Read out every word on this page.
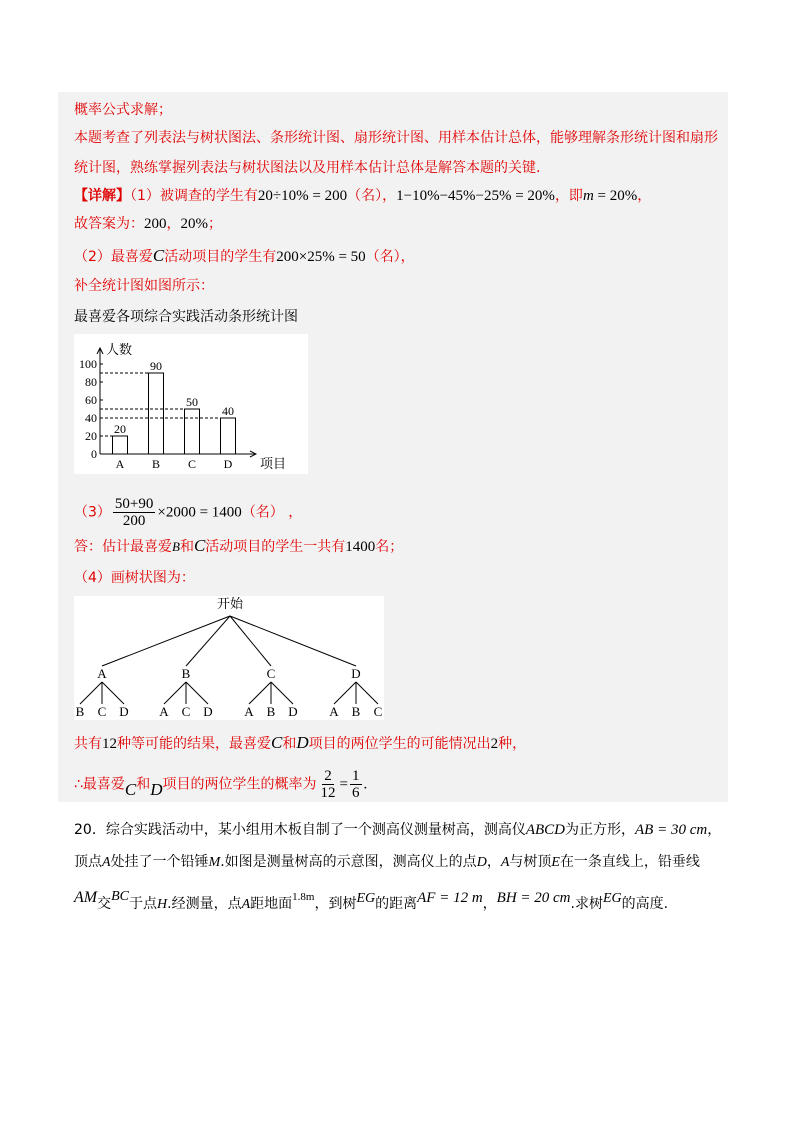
概率公式求解；
本题考查了列表法与树状图法、条形统计图、扇形统计图、用样本估计总体，能够理解条形统计图和扇形
统计图，熟练掌握列表法与树状图法以及用样本估计总体是解答本题的关键.
【详解】（1）被调查的学生有20÷10% = 200（名），1−10%−45%−25% = 20%，即m = 20%，
故答案为：200，20%；
（2）最喜爱C活动项目的学生有200×25% = 50（名），
补全统计图如图所示：
最喜爱各项综合实践活动条形统计图
人数
项目
0
20
40
60
80
100
20
A
90
B
50
C
40
D
$(3) \frac{50+90}{200} \times 2000 = 1400$（名） ，
答：估计最喜爱B和C活动项目的学生一共有1400名；
（4）画树状图为：
开始
A
B C D
B
A C D
C
A B D
D
A B C
共有12种等可能的结果，最喜爱C和D项目的两位学生的可能情况出2种，
∴最喜爱C和D项目的两位学生的概率为 $\frac{2}{12} = \frac{1}{6}$ .
20．综合实践活动中，某小组用木板自制了一个测高仪测量树高，测高仪ABCD为正方形，AB = 30 cm，
顶点A处挂了一个铅锤M.如图是测量树高的示意图，测高仪上的点D，A与树顶E在一条直线上，铅垂线
AM交BC于点H.经测量，点A距地面$^{1.8m}$，到树EG的距离AF = 12 m，BH = 20 cm.求树EG的高度.
